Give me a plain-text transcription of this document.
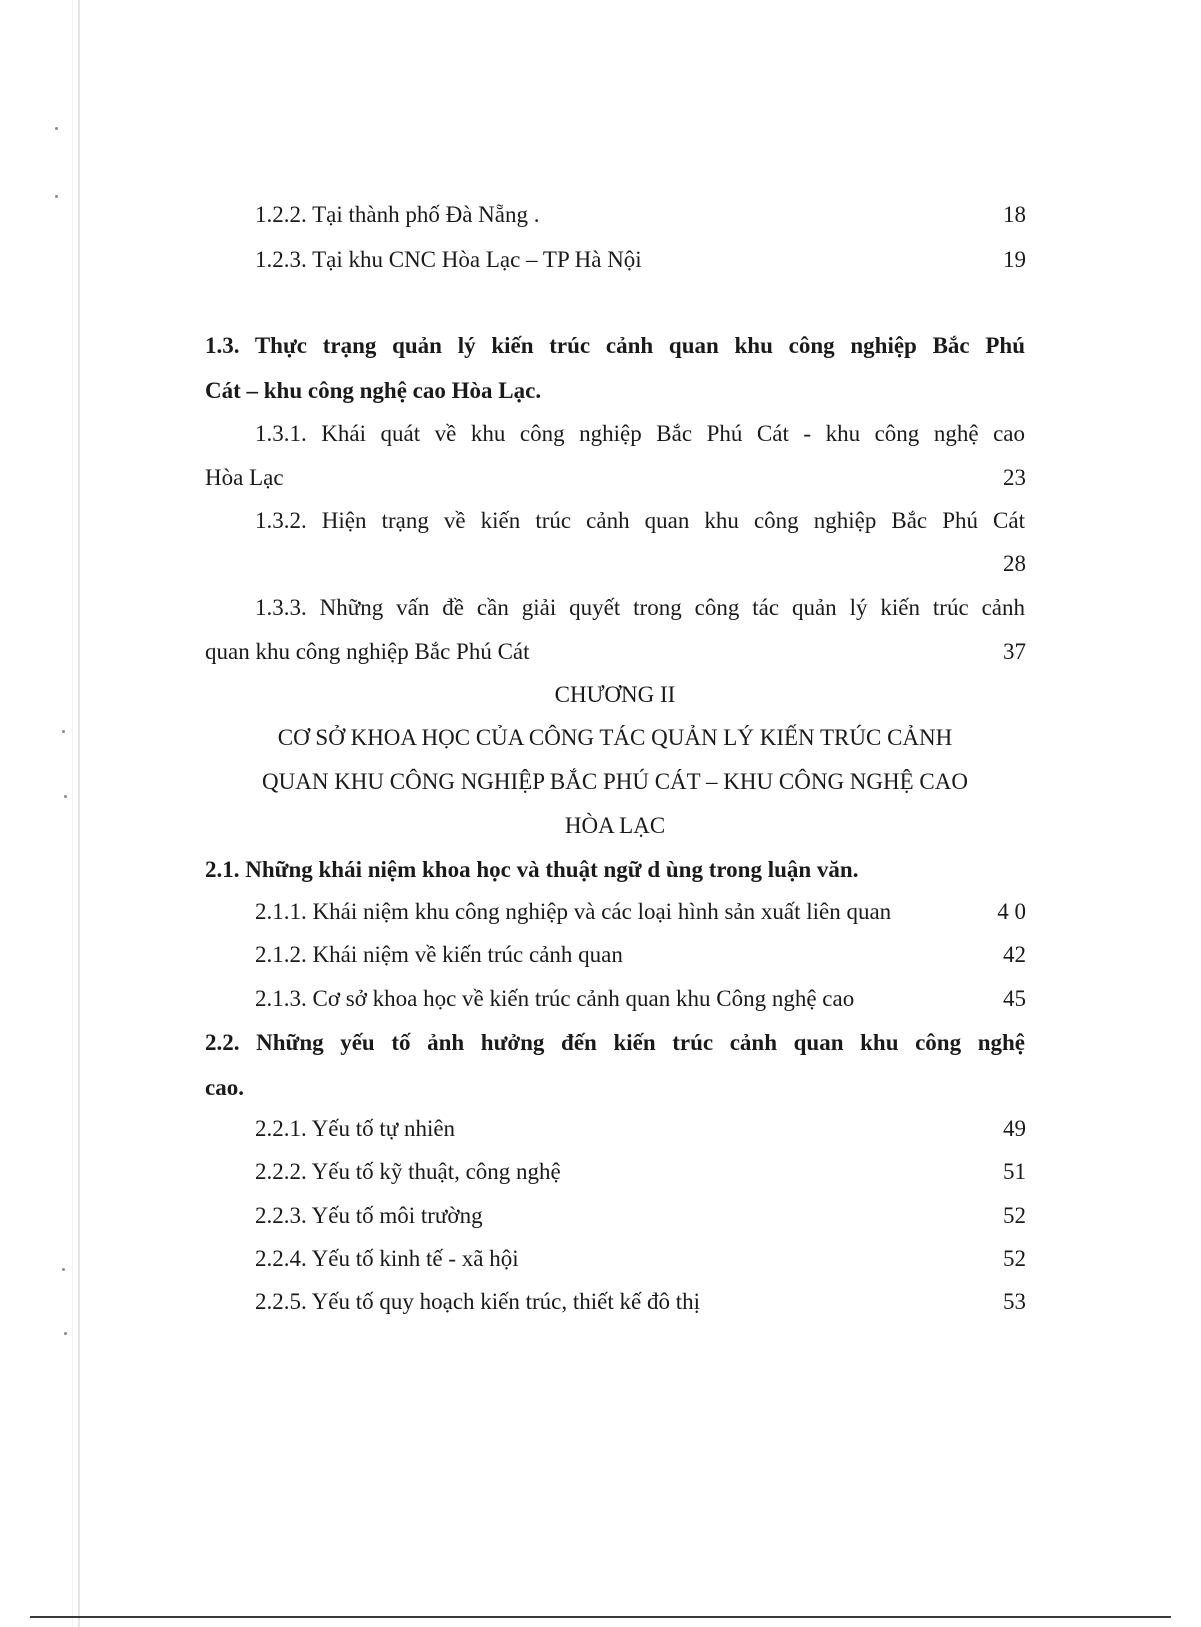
1.2.2. Tại thành phố Đà Nẵng .	18
1.2.3. Tại khu CNC Hòa Lạc – TP Hà Nội	19
1.3. Thực trạng quản lý kiến trúc cảnh quan khu công nghiệp Bắc Phú
Cát – khu công nghệ cao Hòa Lạc.
1.3.1. Khái quát về khu công nghiệp Bắc Phú Cát - khu công nghệ cao
Hòa Lạc	23
1.3.2. Hiện trạng về kiến trúc cảnh quan khu công nghiệp Bắc Phú Cát
28
1.3.3. Những vấn đề cần giải quyết trong công tác quản lý kiến trúc cảnh
quan khu công nghiệp Bắc Phú Cát	37
CHƯƠNG II
CƠ SỞ KHOA HỌC CỦA CÔNG TÁC QUẢN LÝ KIẾN TRÚC CẢNH
QUAN KHU CÔNG NGHIỆP BẮC PHÚ CÁT – KHU CÔNG NGHỆ CAO
HÒA LẠC
2.1. Những khái niệm khoa học và thuật ngữ d ùng trong luận văn.
2.1.1. Khái niệm khu công nghiệp và các loại hình sản xuất liên quan	4 0
2.1.2. Khái niệm về kiến trúc cảnh quan	42
2.1.3. Cơ sở khoa học về kiến trúc cảnh quan khu Công nghệ cao	45
2.2. Những yếu tố ảnh hưởng đến kiến trúc cảnh quan khu công nghệ
cao.
2.2.1. Yếu tố tự nhiên	49
2.2.2. Yếu tố kỹ thuật, công nghệ	51
2.2.3. Yếu tố môi trường	52
2.2.4. Yếu tố kinh tế - xã hội	52
2.2.5. Yếu tố quy hoạch kiến trúc, thiết kế đô thị	53
